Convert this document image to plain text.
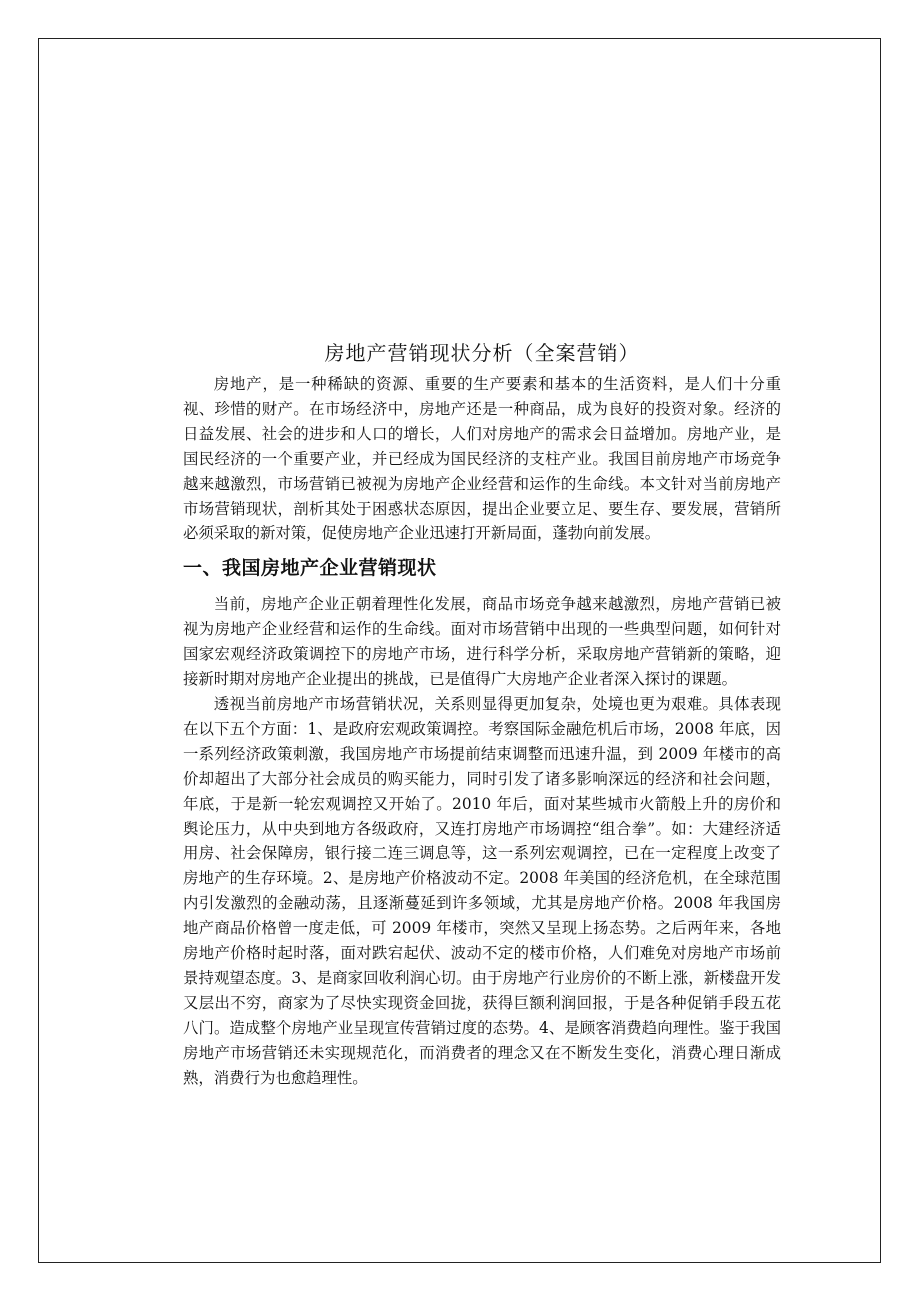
房地产营销现状分析（全案营销）

房地产，是一种稀缺的资源、重要的生产要素和基本的生活资料，是人们十分重视、珍惜的财产。在市场经济中，房地产还是一种商品，成为良好的投资对象。经济的日益发展、社会的进步和人口的增长，人们对房地产的需求会日益增加。房地产业，是国民经济的一个重要产业，并已经成为国民经济的支柱产业。我国目前房地产市场竞争越来越激烈，市场营销已被视为房地产企业经营和运作的生命线。本文针对当前房地产市场营销现状，剖析其处于困惑状态原因，提出企业要立足、要生存、要发展，营销所必须采取的新对策，促使房地产企业迅速打开新局面，蓬勃向前发展。

一、我国房地产企业营销现状

当前，房地产企业正朝着理性化发展，商品市场竞争越来越激烈，房地产营销已被视为房地产企业经营和运作的生命线。面对市场营销中出现的一些典型问题，如何针对国家宏观经济政策调控下的房地产市场，进行科学分析，采取房地产营销新的策略，迎接新时期对房地产企业提出的挑战，已是值得广大房地产企业者深入探讨的课题。

透视当前房地产市场营销状况，关系则显得更加复杂，处境也更为艰难。具体表现在以下五个方面：1、是政府宏观政策调控。考察国际金融危机后市场，2008 年底，因一系列经济政策刺激，我国房地产市场提前结束调整而迅速升温，到 2009 年楼市的高价却超出了大部分社会成员的购买能力，同时引发了诸多影响深远的经济和社会问题，年底，于是新一轮宏观调控又开始了。2010 年后，面对某些城市火箭般上升的房价和舆论压力，从中央到地方各级政府，又连打房地产市场调控“组合拳”。如：大建经济适用房、社会保障房，银行接二连三调息等，这一系列宏观调控，已在一定程度上改变了房地产的生存环境。2、是房地产价格波动不定。2008 年美国的经济危机，在全球范围内引发激烈的金融动荡，且逐渐蔓延到许多领域，尤其是房地产价格。2008 年我国房地产商品价格曾一度走低，可 2009 年楼市，突然又呈现上扬态势。之后两年来，各地房地产价格时起时落，面对跌宕起伏、波动不定的楼市价格，人们难免对房地产市场前景持观望态度。3、是商家回收利润心切。由于房地产行业房价的不断上涨，新楼盘开发又层出不穷，商家为了尽快实现资金回拢，获得巨额利润回报，于是各种促销手段五花八门。造成整个房地产业呈现宣传营销过度的态势。4、是顾客消费趋向理性。鉴于我国房地产市场营销还未实现规范化，而消费者的理念又在不断发生变化，消费心理日渐成熟，消费行为也愈趋理性。
